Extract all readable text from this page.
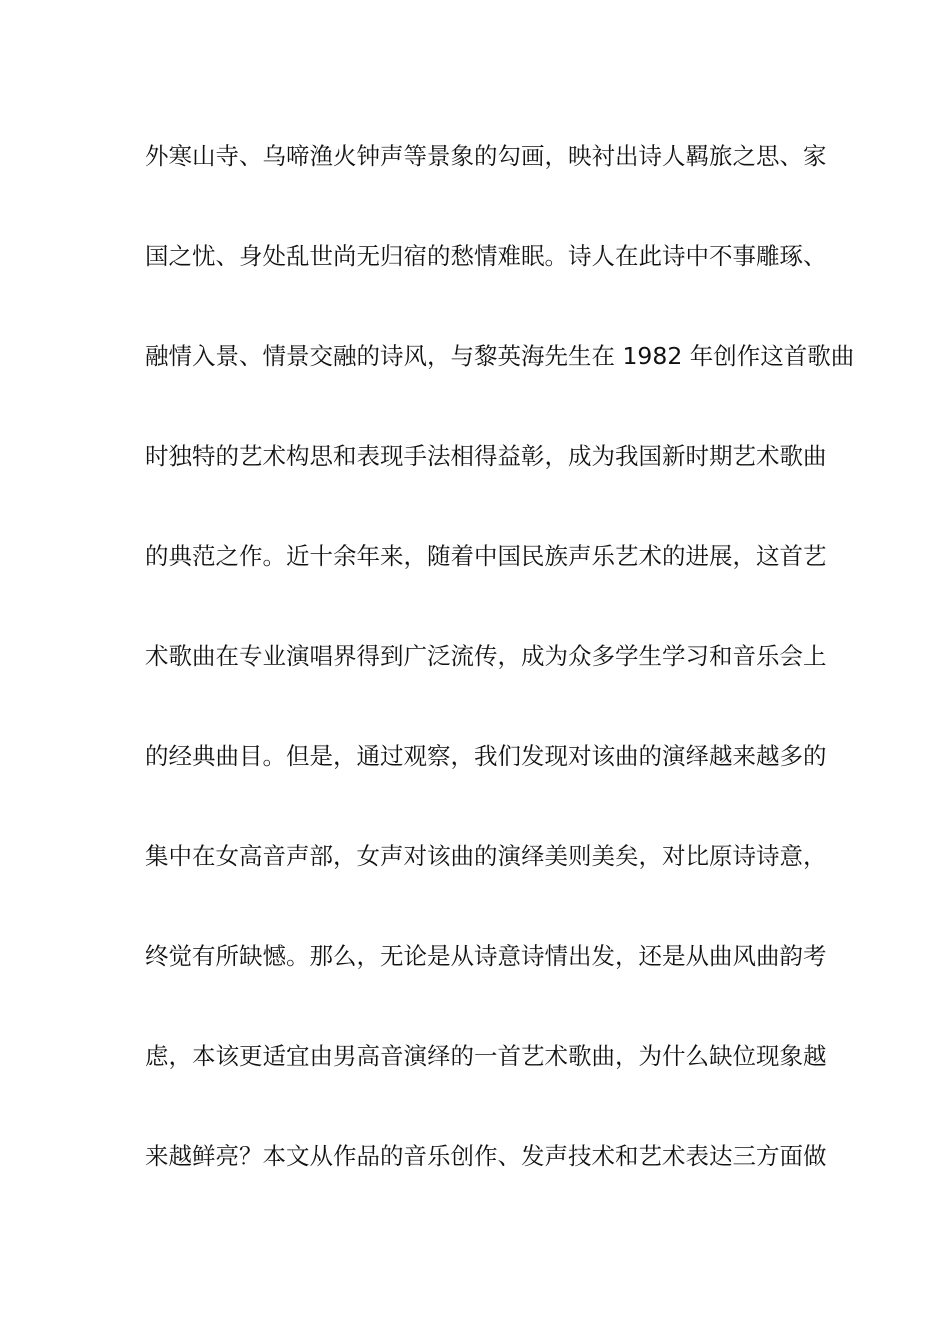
外寒山寺、乌啼渔火钟声等景象的勾画，映衬出诗人羁旅之思、家
国之忧、身处乱世尚无归宿的愁情难眠。诗人在此诗中不事雕琢、
融情入景、情景交融的诗风，与黎英海先生在 1982 年创作这首歌曲
时独特的艺术构思和表现手法相得益彰，成为我国新时期艺术歌曲
的典范之作。近十余年来，随着中国民族声乐艺术的进展，这首艺
术歌曲在专业演唱界得到广泛流传，成为众多学生学习和音乐会上
的经典曲目。但是，通过观察，我们发现对该曲的演绎越来越多的
集中在女高音声部，女声对该曲的演绎美则美矣，对比原诗诗意，
终觉有所缺憾。那么，无论是从诗意诗情出发，还是从曲风曲韵考
虑，本该更适宜由男高音演绎的一首艺术歌曲，为什么缺位现象越
来越鲜亮？本文从作品的音乐创作、发声技术和艺术表达三方面做
